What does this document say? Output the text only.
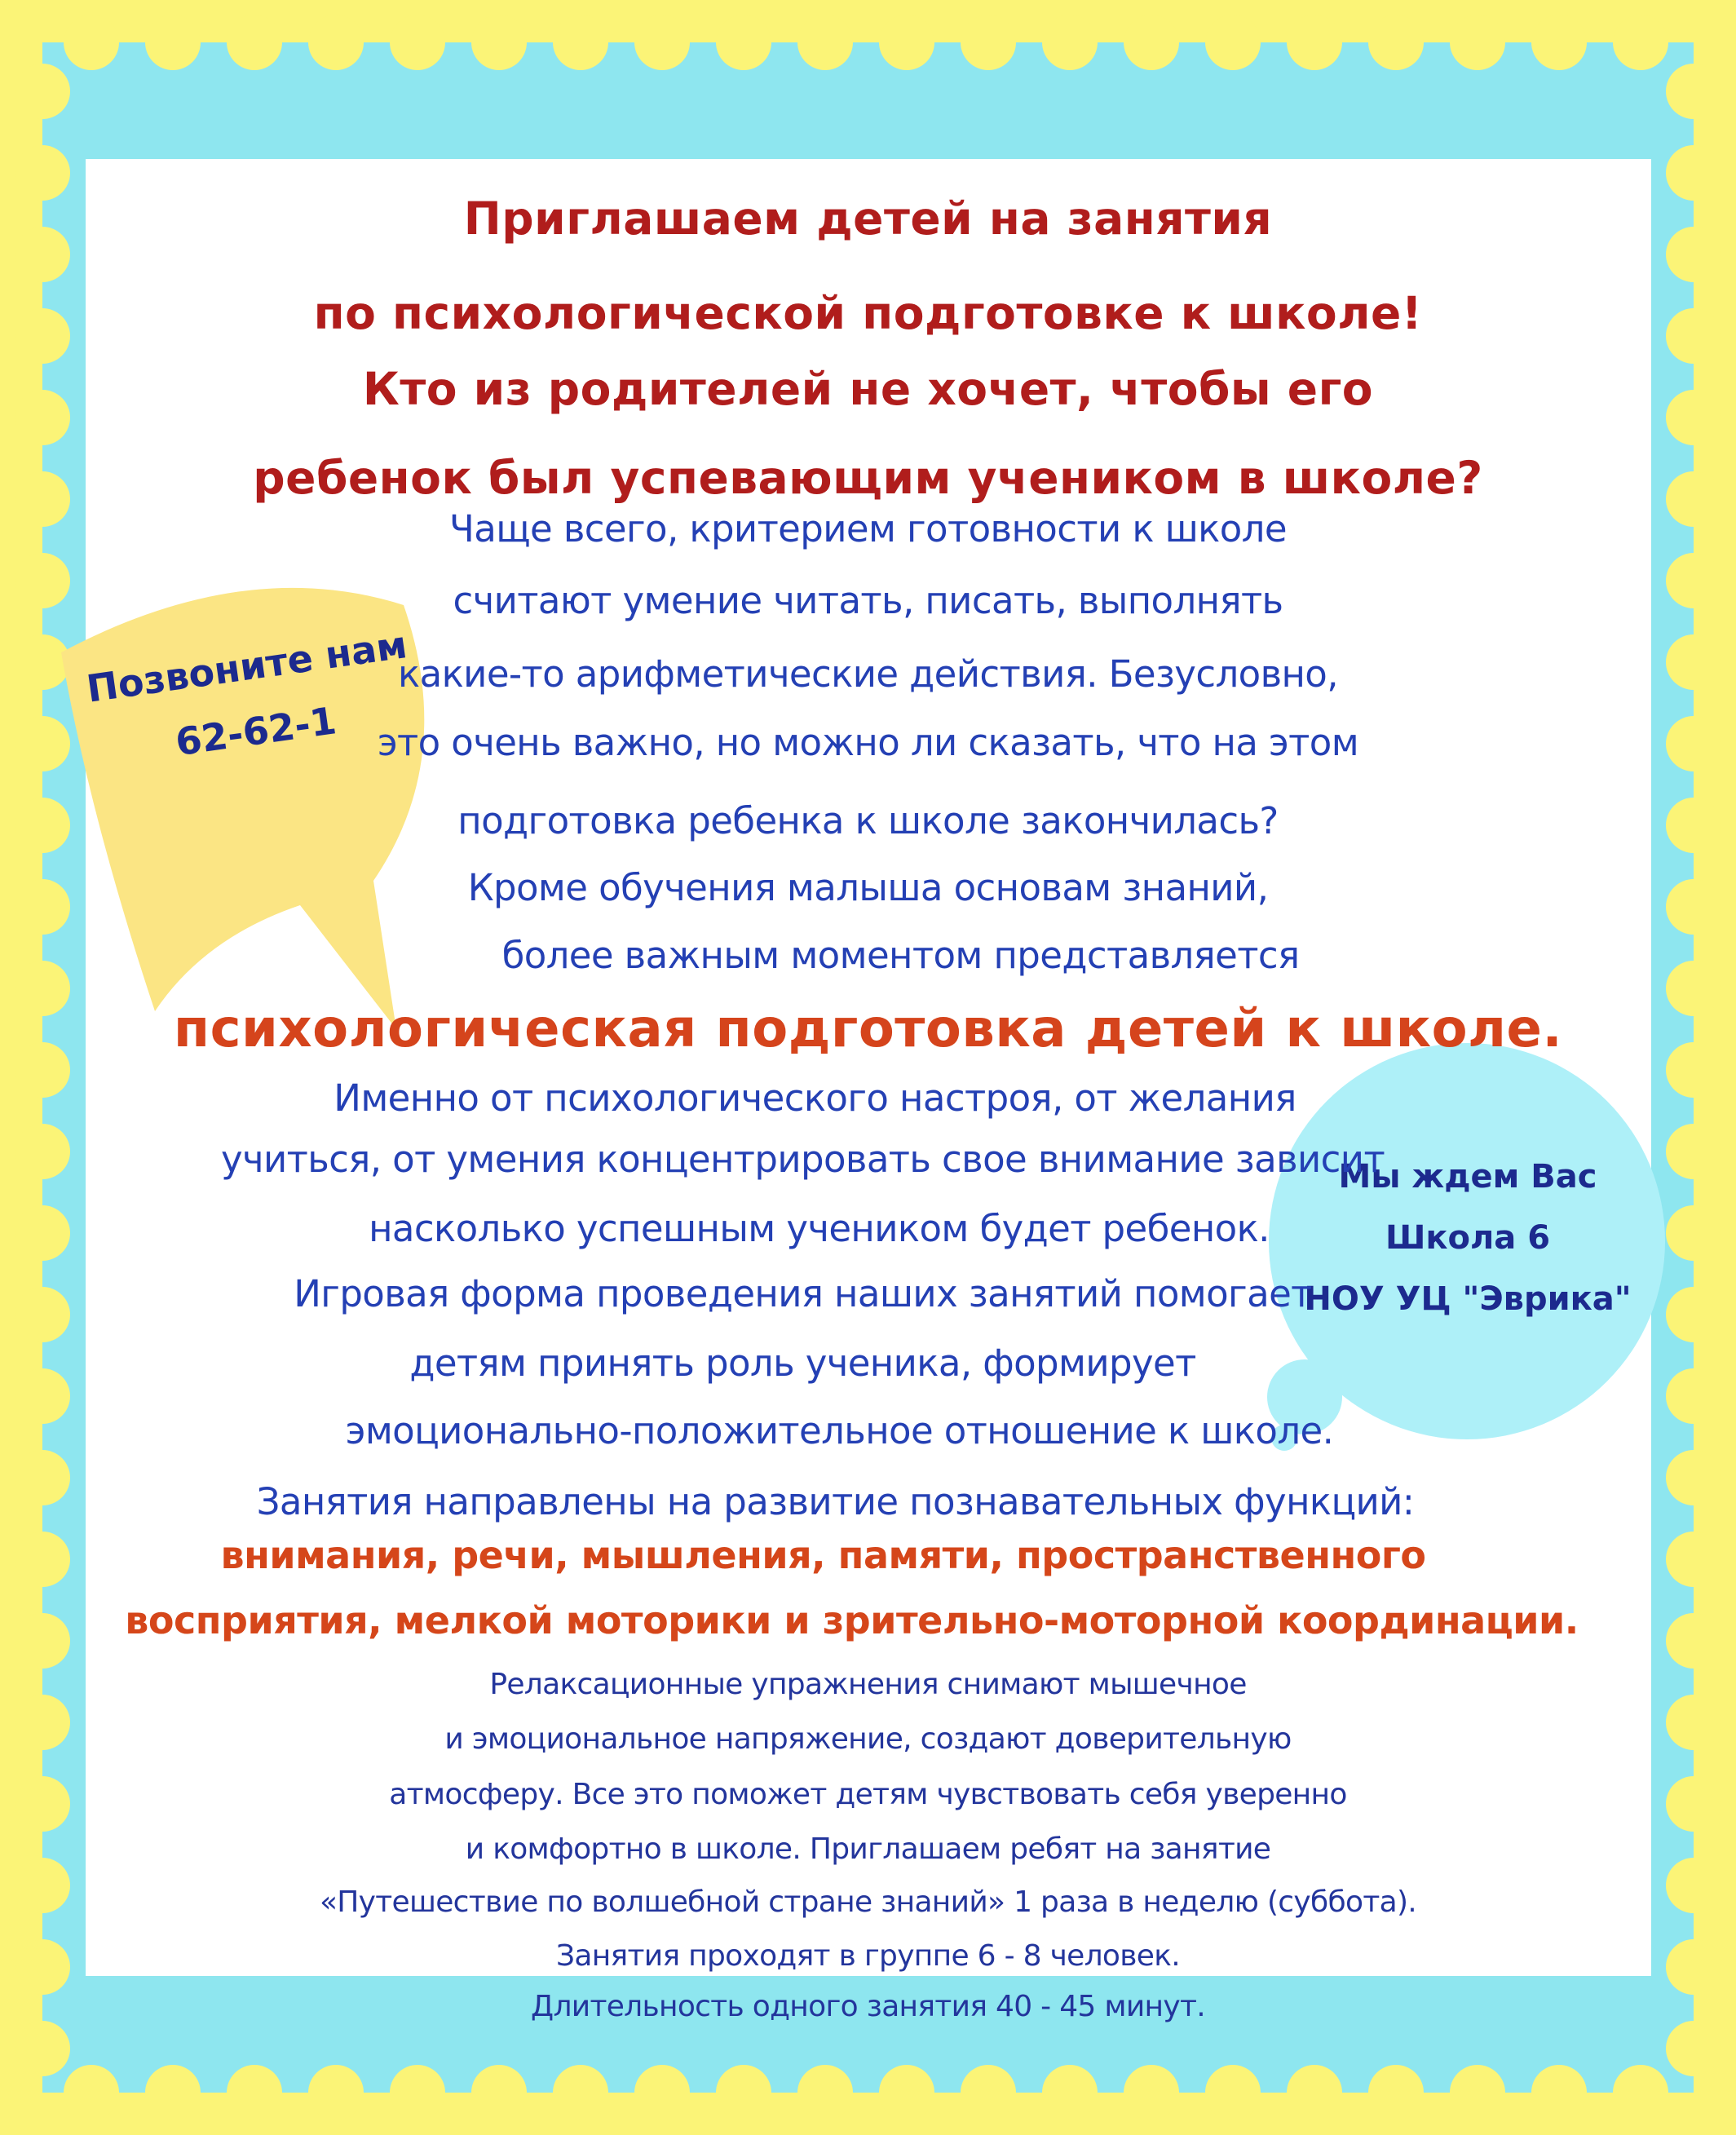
Позвоните нам
62-62-1
Мы ждем Вас
Школа 6
НОУ УЦ "Эврика"
Приглашаем детей на занятия
по психологической подготовке к школе!
Кто из родителей не хочет, чтобы его
ребенок был успевающим учеником в школе?

Чаще всего, критерием готовности к школе

считают умение читать, писать, выполнять

какие-то арифметические действия. Безусловно,

это очень важно, но можно ли сказать, что на этом

подготовка ребенка к школе закончилась?

Кроме обучения малыша основам знаний,

более важным моментом представляется

психологическая подготовка детей к школе.

Именно от психологического настроя, от желания

учиться, от умения концентрировать свое внимание зависит

насколько успешным учеником будет ребенок.

Игровая форма проведения наших занятий помогает

детям принять роль ученика, формирует

эмоционально-положительное отношение к школе.

Занятия направлены на развитие познавательных функций:

внимания, речи, мышления, памяти, пространственного

восприятия, мелкой моторики и зрительно-моторной координации.

Релаксационные упражнения снимают мышечное

и эмоциональное напряжение, создают доверительную

атмосферу. Все это поможет детям чувствовать себя уверенно

и комфортно в школе. Приглашаем ребят на занятие

«Путешествие по волшебной стране знаний» 1 раза в неделю (суббота).

Занятия проходят в группе 6 - 8 человек.

Длительность одного занятия 40 - 45 минут.
